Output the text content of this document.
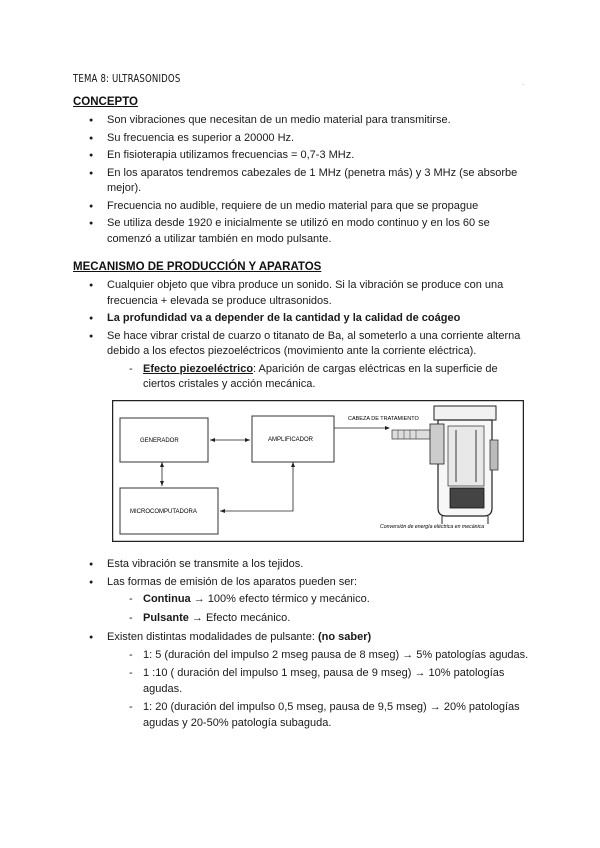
TEMA 8: ULTRASONIDOS	.
CONCEPTO
● Son vibraciones que necesitan de un medio material para transmitirse.
● Su frecuencia es superior a 20000 Hz.
● En fisioterapia utilizamos frecuencias = 0,7-3 MHz.
● En los aparatos tendremos cabezales de 1 MHz (penetra más) y 3 MHz (se absorbe mejor).
● Frecuencia no audible, requiere de un medio material para que se propague
● Se utiliza desde 1920 e inicialmente se utilizó en modo continuo y en los 60 se comenzó a utilizar también en modo pulsante.
MECANISMO DE PRODUCCIÓN Y APARATOS
● Cualquier objeto que vibra produce un sonido. Si la vibración se produce con una frecuencia + elevada se produce ultrasonidos.
● La profundidad va a depender de la cantidad y la calidad de coágeo
● Se hace vibrar cristal de cuarzo o titanato de Ba, al someterlo a una corriente alterna debido a los efectos piezoeléctricos (movimiento ante la corriente eléctrica).
- Efecto piezoeléctrico: Aparición de cargas eléctricas en la superficie de ciertos cristales y acción mecánica.
GENERADOR	AMPLIFICADOR
MICROCOMPUTADORA
CABEZA DE TRATAMIENTO
Conversión de energía eléctrica en mecánica
● Esta vibración se transmite a los tejidos.
● Las formas de emisión de los aparatos pueden ser:
- Continua → 100% efecto térmico y mecánico.
- Pulsante → Efecto mecánico.
● Existen distintas modalidades de pulsante: (no saber)
- 1: 5 (duración del impulso 2 mseg pausa de 8 mseg) → 5% patologías agudas.
- 1 :10 ( duración del impulso 1 mseg, pausa de 9 mseg) → 10% patologías agudas.
- 1: 20 (duración del impulso 0,5 mseg, pausa de 9,5 mseg) → 20% patologías agudas y 20-50% patología subaguda.
